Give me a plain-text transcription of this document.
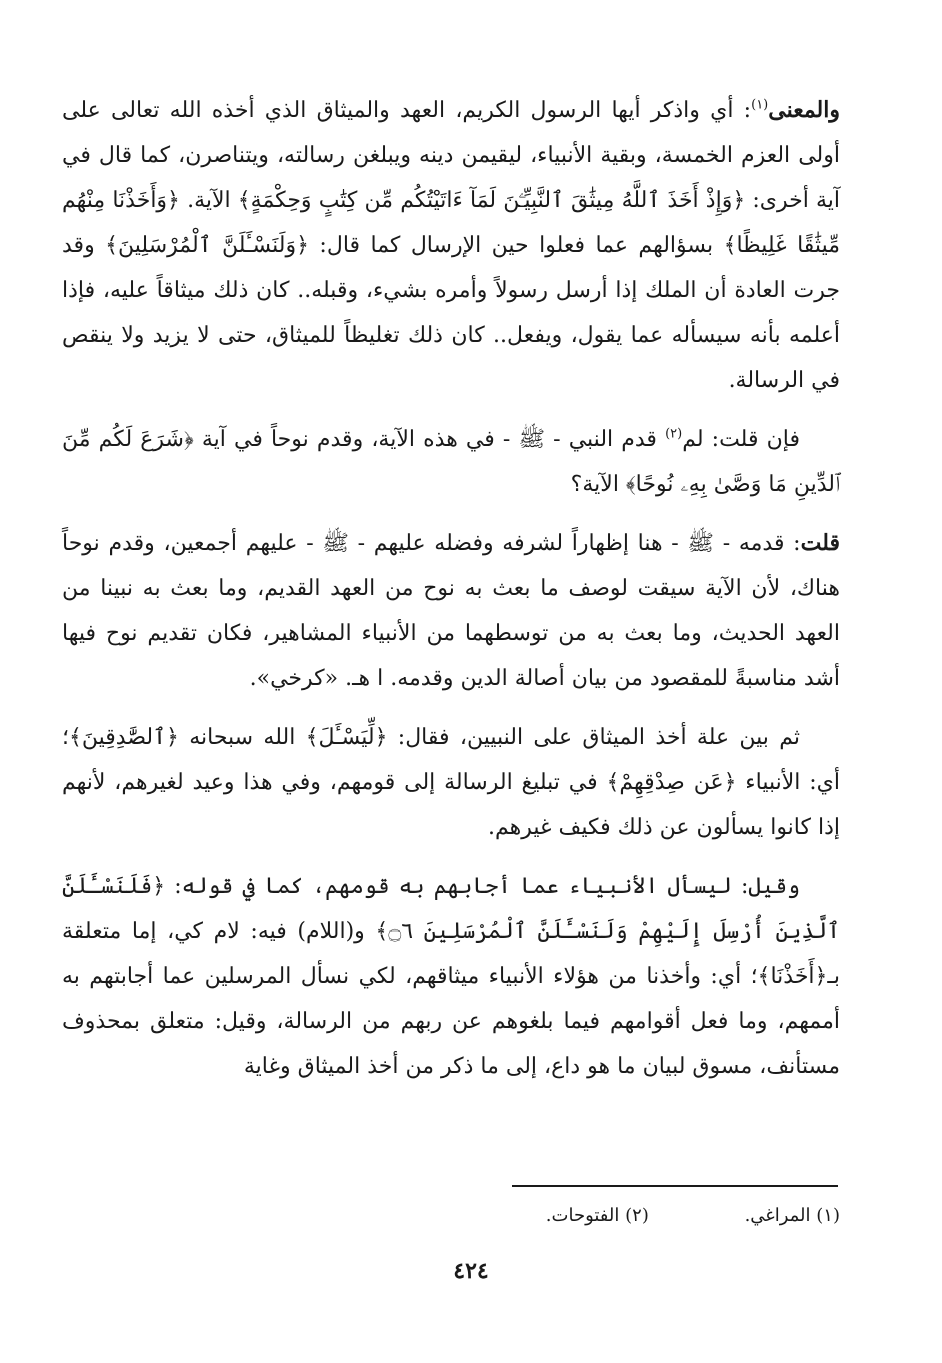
والمعنى$^{(١)}$: أي واذكر أيها الرسول الكريم، العهد والميثاق الذي أخذه الله تعالى على أولى العزم الخمسة، وبقية الأنبياء، ليقيمن دينه ويبلغن رسالته، ويتناصرن، كما قال في آية أخرى: ﴿وَإِذْ أَخَذَ ٱللَّهُ مِيثَٰقَ ٱلنَّبِيِّـۧنَ لَمَآ ءَاتَيْتُكُم مِّن كِتَٰبٍ وَحِكْمَةٍ﴾ الآية. ﴿وَأَخَذْنَا مِنْهُم مِّيثَٰقًا غَلِيظًا﴾ بسؤالهم عما فعلوا حين الإرسال كما قال: ﴿وَلَنَسْـَٔلَنَّ ٱلْمُرْسَلِينَ﴾ وقد جرت العادة أن الملك إذا أرسل رسولاً وأمره بشيء، وقبله.. كان ذلك ميثاقاً عليه، فإذا أعلمه بأنه سيسأله عما يقول، ويفعل.. كان ذلك تغليظاً للميثاق، حتى لا يزيد ولا ينقص في الرسالة.

فإن قلت: لم$^{(٢)}$ قدم النبي - ﷺ - في هذه الآية، وقدم نوحاً في آية ﴿شَرَعَ لَكُم مِّنَ ٱلدِّينِ مَا وَصَّىٰ بِهِۦ نُوحًا﴾ الآية؟

قلت: قدمه - ﷺ - هنا إظهاراً لشرفه وفضله عليهم - ﷺ - عليهم أجمعين، وقدم نوحاً هناك، لأن الآية سيقت لوصف ما بعث به نوح من العهد القديم، وما بعث به نبينا من العهد الحديث، وما بعث به من توسطهما من الأنبياء المشاهير، فكان تقديم نوح فيها أشد مناسبةً للمقصود من بيان أصالة الدين وقدمه. ا هـ. «كرخي».

ثم بين علة أخذ الميثاق على النبيين، فقال: ﴿لِّيَسْـَٔلَ﴾ الله سبحانه ﴿ٱلصَّٰدِقِينَ﴾؛ أي: الأنبياء ﴿عَن صِدْقِهِمْ﴾ في تبليغ الرسالة إلى قومهم، وفي هذا وعيد لغيرهم، لأنهم إذا كانوا يسألون عن ذلك فكيف غيرهم.

وقيل: ليسأل الأنبياء عما أجابهم به قومهم، كما في قوله: ﴿فَلَنَسْـَٔلَنَّ ٱلَّذِينَ أُرْسِلَ إِلَيْهِمْ وَلَنَسْـَٔلَنَّ ٱلْمُرْسَلِينَ ۝٦﴾ و(اللام) فيه: لام كي، إما متعلقة بـ﴿أَخَذْنَا﴾؛ أي: وأخذنا من هؤلاء الأنبياء ميثاقهم، لكي نسأل المرسلين عما أجابتهم به أممهم، وما فعل أقوامهم فيما بلغوهم عن ربهم من الرسالة، وقيل: متعلق بمحذوف مستأنف، مسوق لبيان ما هو داع، إلى ما ذكر من أخذ الميثاق وغاية

(١) المراغي. (٢) الفتوحات.
٤٢٤
